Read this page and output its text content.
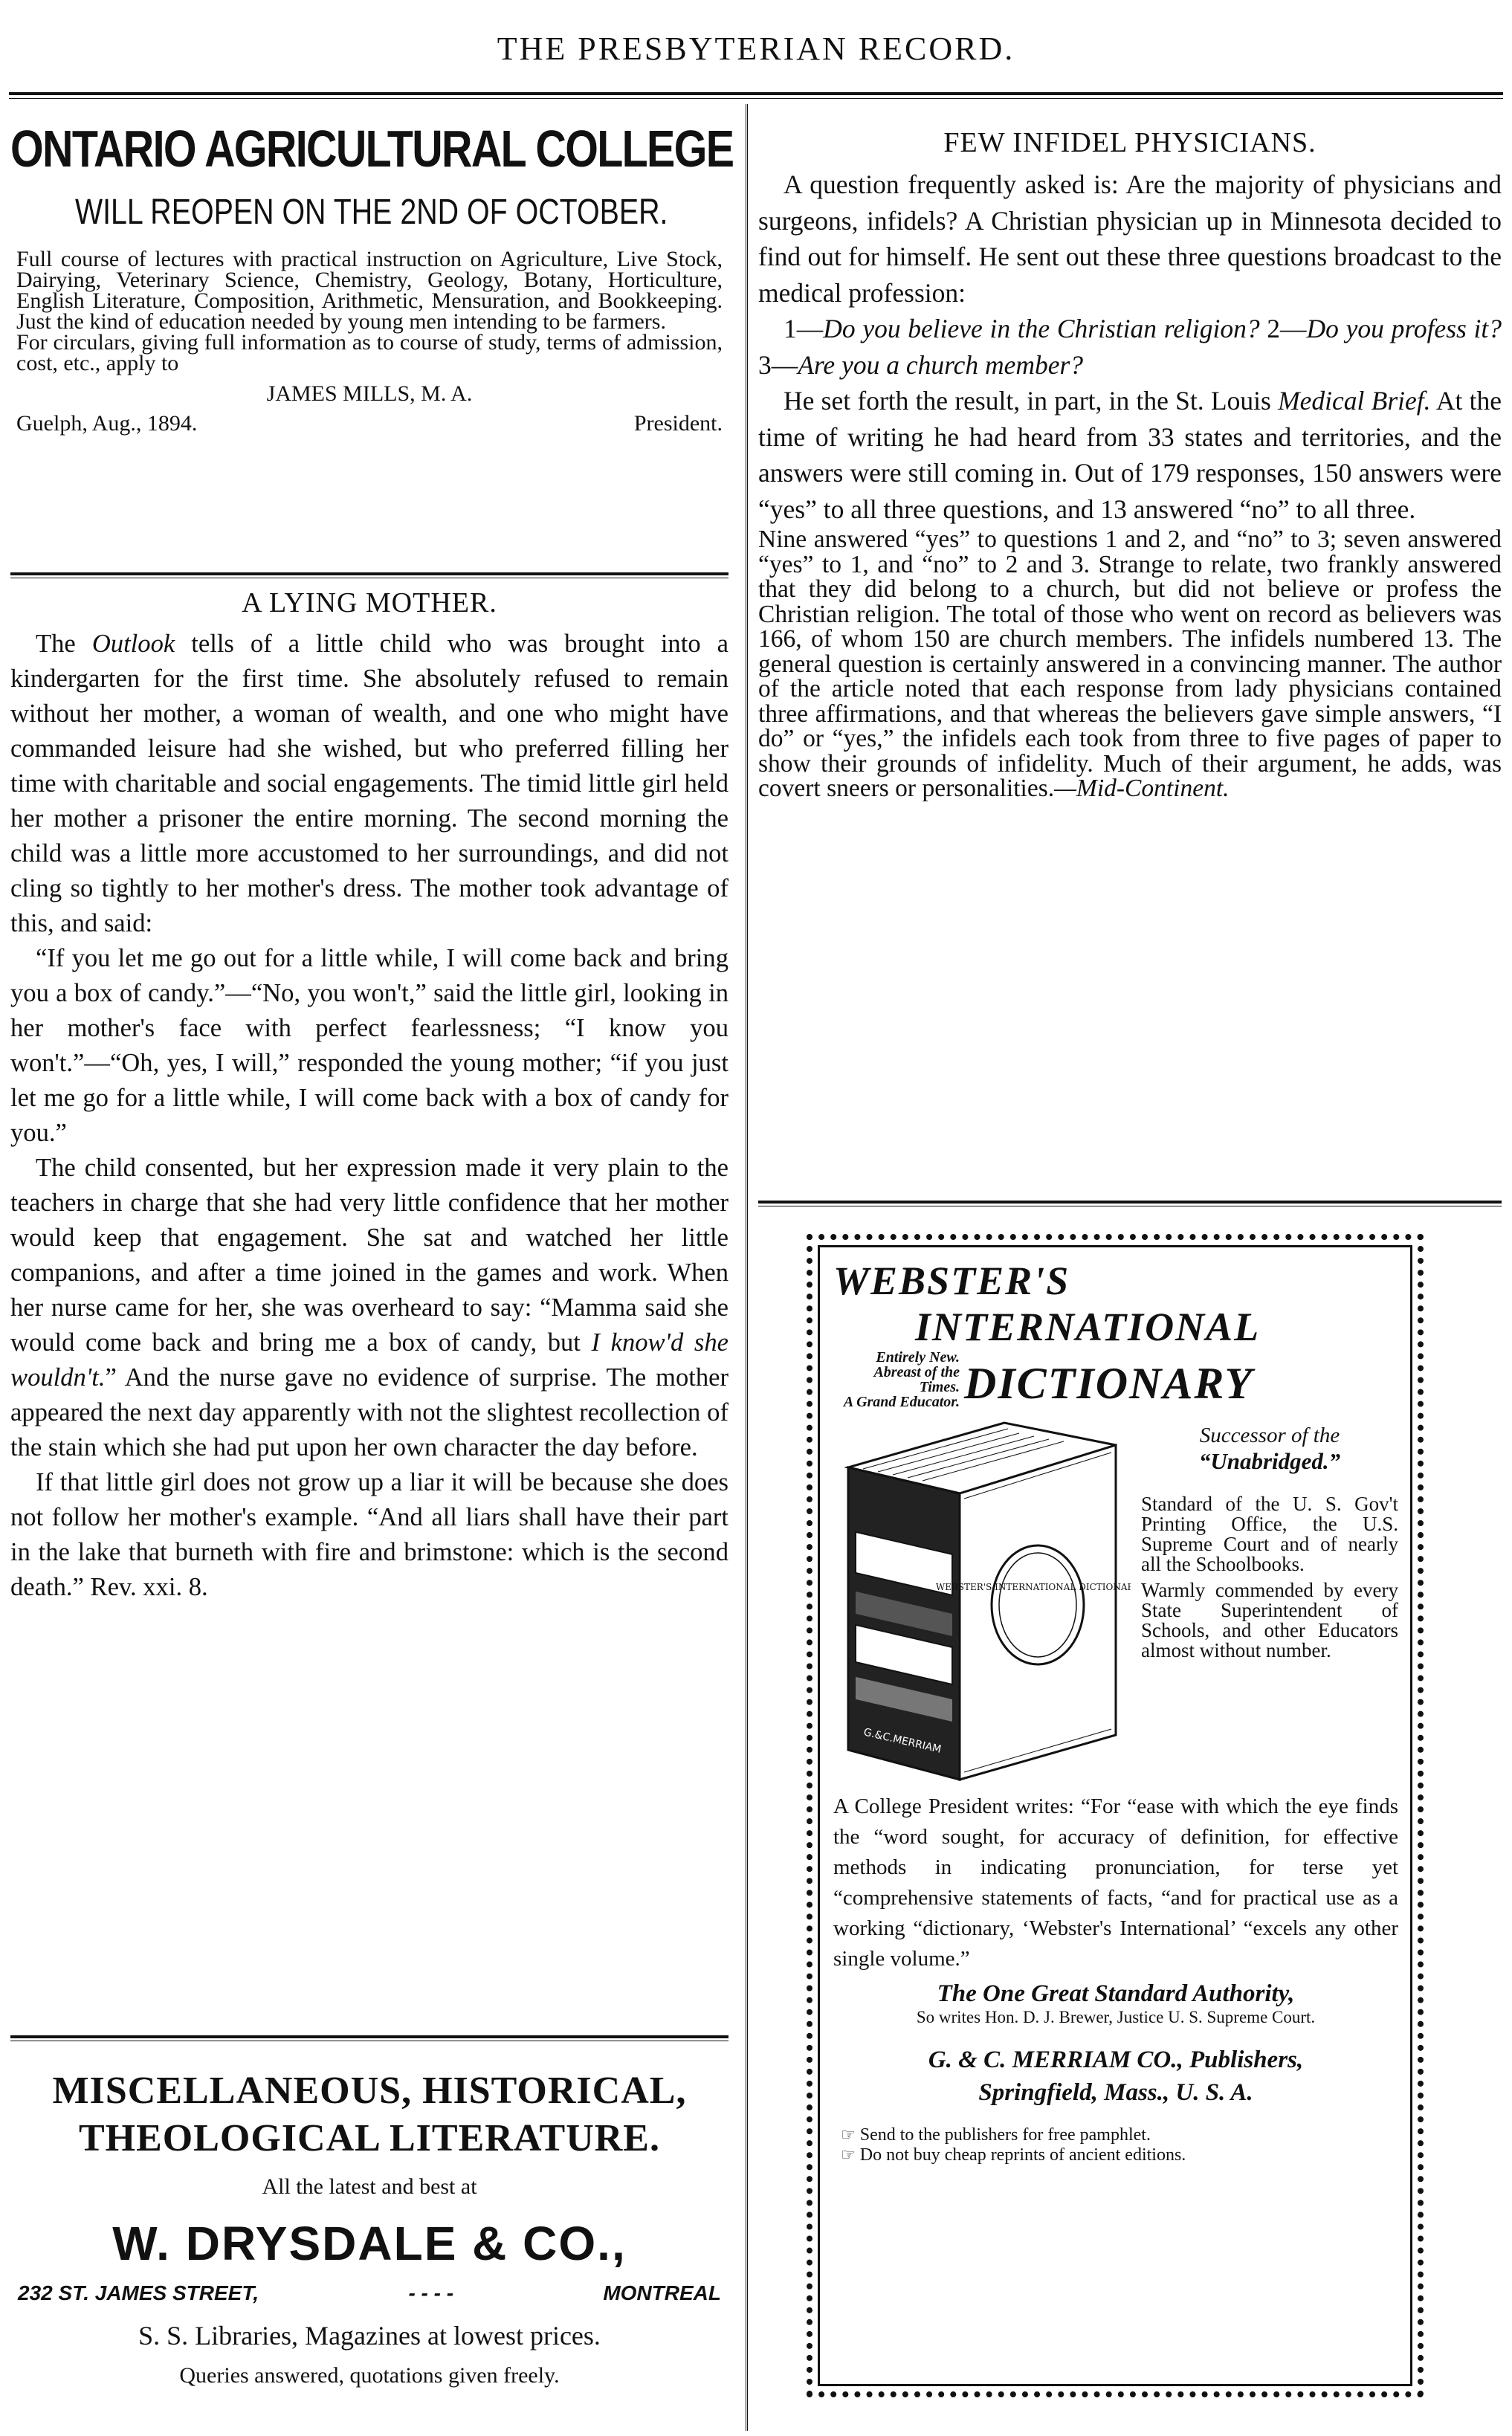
THE PRESBYTERIAN RECORD.
ONTARIO AGRICULTURAL COLLEGE
WILL REOPEN ON THE 2ND OF OCTOBER.
Full course of lectures with practical instruction on Agriculture, Live Stock, Dairying, Veterinary Science, Chemistry, Geology, Botany, Horticulture, English Literature, Composition, Arithmetic, Mensuration, and Bookkeeping. Just the kind of education needed by young men intending to be farmers.
For circulars, giving full information as to course of study, terms of admission, cost, etc., apply to
JAMES MILLS, M. A.
Guelph, Aug., 1894.	President.
A LYING MOTHER.

The Outlook tells of a little child who was brought into a kindergarten for the first time. She absolutely refused to remain without her mother, a woman of wealth, and one who might have commanded leisure had she wished, but who preferred filling her time with charitable and social engagements. The timid little girl held her mother a prisoner the entire morning. The second morning the child was a little more accustomed to her surroundings, and did not cling so tightly to her mother's dress. The mother took advantage of this, and said:

“If you let me go out for a little while, I will come back and bring you a box of candy.”—“No, you won't,” said the little girl, looking in her mother's face with perfect fearlessness; “I know you won't.”—“Oh, yes, I will,” responded the young mother; “if you just let me go for a little while, I will come back with a box of candy for you.”

The child consented, but her expression made it very plain to the teachers in charge that she had very little confidence that her mother would keep that engagement. She sat and watched her little companions, and after a time joined in the games and work. When her nurse came for her, she was overheard to say: “Mamma said she would come back and bring me a box of candy, but I know'd she wouldn't.” And the nurse gave no evidence of surprise. The mother appeared the next day apparently with not the slightest recollection of the stain which she had put upon her own character the day before.

If that little girl does not grow up a liar it will be because she does not follow her mother's example. “And all liars shall have their part in the lake that burneth with fire and brimstone: which is the second death.” Rev. xxi. 8.

MISCELLANEOUS, HISTORICAL,
THEOLOGICAL LITERATURE.
All the latest and best at
W. DRYSDALE & CO.,
232 ST. JAMES STREET,	- - - -	MONTREAL
S. S. Libraries, Magazines at lowest prices.
Queries answered, quotations given freely.
FEW INFIDEL PHYSICIANS.

A question frequently asked is: Are the majority of physicians and surgeons, infidels? A Christian physician up in Minnesota decided to find out for himself. He sent out these three questions broadcast to the medical profession:

1—Do you believe in the Christian religion? 2—Do you profess it? 3—Are you a church member?

He set forth the result, in part, in the St. Louis Medical Brief. At the time of writing he had heard from 33 states and territories, and the answers were still coming in. Out of 179 responses, 150 answers were “yes” to all three questions, and 13 answered “no” to all three.

Nine answered “yes” to questions 1 and 2, and “no” to 3; seven answered “yes” to 1, and “no” to 2 and 3. Strange to relate, two frankly answered that they did belong to a church, but did not believe or profess the Christian religion. The total of those who went on record as believers was 166, of whom 150 are church members. The infidels numbered 13. The general question is certainly answered in a convincing manner. The author of the article noted that each response from lady physicians contained three affirmations, and that whereas the believers gave simple answers, “I do” or “yes,” the infidels each took from three to five pages of paper to show their grounds of infidelity. Much of their argument, he adds, was covert sneers or personalities.—Mid-Continent.

WEBSTER'S
INTERNATIONAL
Entirely New.
Abreast of the Times.
A Grand Educator. DICTIONARY
G.&C.MERRIAM
WEBSTER'S INTERNATIONAL DICTIONARY
Successor of the
“Unabridged.”
Standard of the U. S. Gov't Printing Office, the U.S. Supreme Court and of nearly all the Schoolbooks.
Warmly commended by every State Superintendent of Schools, and other Educators almost without number.
A College President writes: “For “ease with which the eye finds the “word sought, for accuracy of definition, for effective methods in indicating pronunciation, for terse yet “comprehensive statements of facts, “and for practical use as a working “dictionary, ‘Webster's International’ “excels any other single volume.”
The One Great Standard Authority,
So writes Hon. D. J. Brewer, Justice U. S. Supreme Court.
G. & C. MERRIAM CO., Publishers,
Springfield, Mass., U. S. A.
☞ Send to the publishers for free pamphlet.
☞ Do not buy cheap reprints of ancient editions.
